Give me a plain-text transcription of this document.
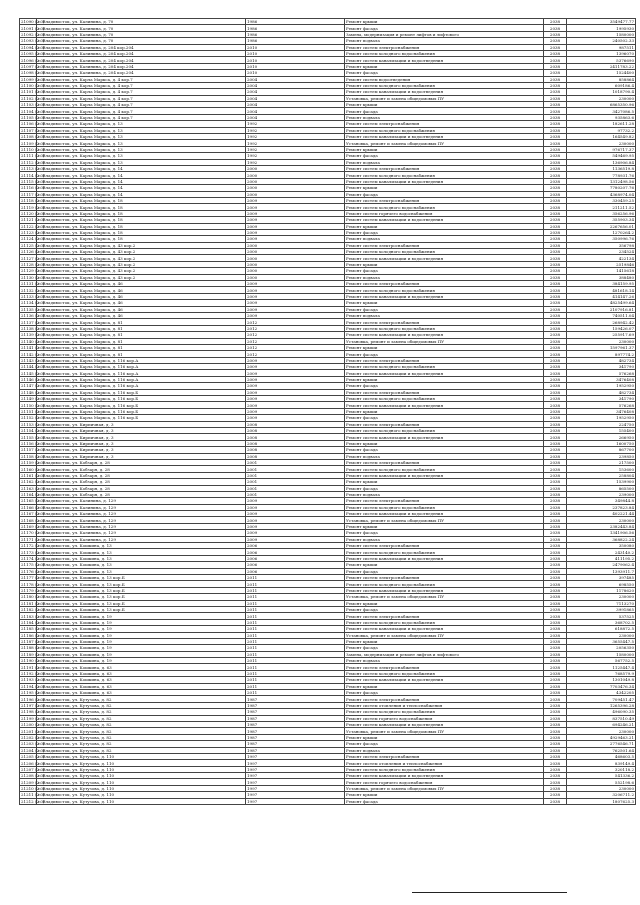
21090 (2.0)	г. Владивосток, ул. Калинина, д. 70	1986	Ремонт крыши	2038	3549477.77
21091 (2.0)	г. Владивосток, ул. Калинина, д. 70	1986	Ремонт фасада	2038	1995930
21092 (2.0)	г. Владивосток, ул. Калинина, д. 70	1986	Замена, модернизация и ремонт лифтов и лифтового	2038	1580000
21093 (2.0)	г. Владивосток, ул. Калинина, д. 70	1986	Ремонт подвала	2038	240502.33
21094 (2.0)	г. Владивосток, ул. Калинина, д. 204 кор.204	2010	Ремонт систем электроснабжения	2038	987511
21095 (2.0)	г. Владивосток, ул. Калинина, д. 204 кор.204	2010	Ремонт систем холодного водоснабжения	2038	1396070
21096 (2.0)	г. Владивосток, ул. Калинина, д. 204 кор.204	2010	Ремонт систем канализации и водоотведения	2038	5376690
21097 (2.0)	г. Владивосток, ул. Калинина, д. 204 кор.204	2010	Ремонт крыши	2038	2411783.22
21098 (2.0)	г. Владивосток, ул. Калинина, д. 204 кор.204	2010	Ремонт фасада	2038	1524400
21099 (2.0)	г. Владивосток, ул. Карла Маркса, д. 4 кор.7	2004	Ремонт систем водоотведения	2038	858864
21100 (2.0)	г. Владивосток, ул. Карла Маркса, д. 4 кор.7	2004	Ремонт систем холодного водоснабжения	2038	609186.4
21101 (2.0)	г. Владивосток, ул. Карла Маркса, д. 4 кор.7	2004	Ремонт систем канализации и водоотведения	2038	1018790.4
21102 (2.0)	г. Владивосток, ул. Карла Маркса, д. 4 кор.7	2004	Установка, ремонт и замена общедомовых ПУ	2038	230000
21103 (2.0)	г. Владивосток, ул. Карла Маркса, д. 4 кор.7	2004	Ремонт крыши	2038	6865350.96
21104 (2.0)	г. Владивосток, ул. Карла Маркса, д. 4 кор.7	2004	Ремонт фасада	2038	3427086.5
21105 (2.0)	г. Владивосток, ул. Карла Маркса, д. 4 кор.7	2004	Ремонт подвала	2038	935863.6
21106 (2.0)	г. Владивосток, ул. Карла Маркса, д. 13	1992	Ремонт систем электроснабжения	2038	182611.28
21107 (2.0)	г. Владивосток, ул. Карла Маркса, д. 13	1992	Ремонт систем холодного водоснабжения	2038	97732.2
21108 (2.0)	г. Владивосток, ул. Карла Маркса, д. 13	1992	Ремонт систем канализации и водоотведения	2038	164549.82
21109 (2.0)	г. Владивосток, ул. Карла Маркса, д. 13	1992	Установка, ремонт и замена общедомовых ПУ	2038	230000
21110 (2.0)	г. Владивосток, ул. Карла Маркса, д. 13	1992	Ремонт крыши	2038	976717.37
21111 (2.0)	г. Владивосток, ул. Карла Маркса, д. 13	1992	Ремонт фасада	2038	549469.95
21112 (2.0)	г. Владивосток, ул. Карла Маркса, д. 13	1992	Ремонт подвала	2038	136906.84
21113 (2.0)	г. Владивосток, ул. Карла Маркса, д. 14	2000	Ремонт систем электроснабжения	2038	1136519.8
21114 (2.0)	г. Владивосток, ул. Карла Маркса, д. 14	2000	Ремонт систем холодного водоснабжения	2038	778931.76
21115 (2.0)	г. Владивосток, ул. Карла Маркса, д. 14	2000	Ремонт систем канализации и водоотведения	2038	1312498.56
21116 (2.0)	г. Владивосток, ул. Карла Маркса, д. 14	2000	Ремонт крыши	2038	7780207.76
21117 (2.0)	г. Владивосток, ул. Карла Маркса, д. 14	2000	Ремонт фасада	2038	4368974.04
21118 (2.0)	г. Владивосток, ул. Карла Маркса, д. 18	2009	Ремонт систем электроснабжения	2038	330459.25
21119 (2.0)	г. Владивосток, ул. Карла Маркса, д. 18	2009	Ремонт систем холодного водоснабжения	2038	211211.52
21120 (2.0)	г. Владивосток, ул. Карла Маркса, д. 18	2009	Ремонт систем горячего водоснабжения	2038	356256.96
21121 (2.0)	г. Владивосток, ул. Карла Маркса, д. 18	2009	Ремонт систем канализации и водоотведения	2038	355903.34
21122 (2.0)	г. Владивосток, ул. Карла Маркса, д. 18	2009	Ремонт крыши	2038	2267656.01
21123 (2.0)	г. Владивосток, ул. Карла Маркса, д. 18	2009	Ремонт фасада	2038	1270264.2
21124 (2.0)	г. Владивосток, ул. Карла Маркса, д. 18	2009	Ремонт подвала	2038	350996.76
21125 (2.0)	г. Владивосток, ул. Карла Маркса, д. 43 кор.2	2000	Ремонт систем электроснабжения	2038	356798
21126 (2.0)	г. Владивосток, ул. Карла Маркса, д. 43 кор.2	2000	Ремонт систем холодного водоснабжения	2038	234524
21127 (2.0)	г. Владивосток, ул. Карла Маркса, д. 43 кор.2	2000	Ремонт систем канализации и водоотведения	2038	422134
21128 (2.0)	г. Владивосток, ул. Карла Маркса, д. 43 кор.2	2000	Ремонт крыши	2038	2519846
21129 (2.0)	г. Владивосток, ул. Карла Маркса, д. 43 кор.2	2000	Ремонт фасада	2038	1415618
21130 (2.0)	г. Владивосток, ул. Карла Маркса, д. 43 кор.2	2000	Ремонт подвала	2038	388480
21131 (2.0)	г. Владивосток, ул. Карла Маркса, д. 46	2009	Ремонт систем электроснабжения	2038	384159.95
21132 (2.0)	г. Владивосток, ул. Карла Маркса, д. 46	2009	Ремонт систем холодного водоснабжения	2038	481618.14
21133 (2.0)	г. Владивосток, ул. Карла Маркса, д. 46	2009	Ремонт систем канализации и водоотведения	2038	414147.26
21134 (2.0)	г. Владивосток, ул. Карла Маркса, д. 46	2009	Ремонт крыши	2038	4825499.64
21135 (2.0)	г. Владивосток, ул. Карла Маркса, д. 46	2009	Ремонт фасада	2038	2107916.81
21136 (2.0)	г. Владивосток, ул. Карла Маркса, д. 46	2009	Ремонт подвала	2038	740511.04
21137 (2.0)	г. Владивосток, ул. Карла Маркса, д. 81	2012	Ремонт систем электроснабжения	2038	268942.42
21138 (2.0)	г. Владивосток, ул. Карла Маркса, д. 81	2012	Ремонт систем холодного водоснабжения	2038	159426.07
21139 (2.0)	г. Владивосток, ул. Карла Маркса, д. 81	2012	Ремонт систем канализации и водоотведения	2038	255917.69
21140 (2.0)	г. Владивосток, ул. Карла Маркса, д. 81	2012	Установка, ремонт и замена общедомовых ПУ	2038	230000
21141 (2.0)	г. Владивосток, ул. Карла Маркса, д. 81	2012	Ремонт крыши	2038	1597961.37
21142 (2.0)	г. Владивосток, ул. Карла Маркса, д. 81	2012	Ремонт фасада	2038	897774.2
21143 (2.0)	г. Владивосток, ул. Карла Маркса, д. 116 кор.А	2009	Ремонт систем электроснабжения	2038	482734
21144 (2.0)	г. Владивосток, ул. Карла Маркса, д. 116 кор.А	2009	Ремонт систем холодного водоснабжения	2038	341790
21145 (2.0)	г. Владивосток, ул. Карла Маркса, д. 116 кор.А	2009	Ремонт систем канализации и водоотведения	2038	576268
21146 (2.0)	г. Владивосток, ул. Карла Маркса, д. 116 кор.А	2009	Ремонт крыши	2038	3476408
21147 (2.0)	г. Владивосток, ул. Карла Маркса, д. 116 кор.А	2009	Ремонт фасада	2038	1952950
21148 (2.0)	г. Владивосток, ул. Карла Маркса, д. 116 кор.Б	2009	Ремонт систем электроснабжения	2038	482734
21149 (2.0)	г. Владивосток, ул. Карла Маркса, д. 116 кор.Б	2009	Ремонт систем холодного водоснабжения	2038	341790
21150 (2.0)	г. Владивосток, ул. Карла Маркса, д. 116 кор.Б	2009	Ремонт систем канализации и водоотведения	2038	576268
21151 (2.0)	г. Владивосток, ул. Карла Маркса, д. 116 кор.Б	2009	Ремонт крыши	2038	3476408
21152 (2.0)	г. Владивосток, ул. Карла Маркса, д. 116 кор.Б	2009	Ремонт фасада	2038	1952950
21153 (2.0)	г. Владивосток, ул. Кирпичная, д. 3	2008	Ремонт систем электроснабжения	2038	224750
21154 (2.0)	г. Владивосток, ул. Кирпичная, д. 3	2008	Ремонт систем холодного водоснабжения	2038	155400
21155 (2.0)	г. Владивосток, ул. Кирпичная, д. 3	2008	Ремонт систем канализации и водоотведения	2038	266950
21156 (2.0)	г. Владивосток, ул. Кирпичная, д. 3	2008	Ремонт крыши	2038	1600750
21157 (2.0)	г. Владивосток, ул. Кирпичная, д. 3	2008	Ремонт фасада	2038	867700
21158 (2.0)	г. Владивосток, ул. Кирпичная, д. 3	2008	Ремонт подвала	2038	239850
21159 (2.0)	г. Владивосток, ул. Кобзаря, д. 28	2001	Ремонт систем электроснабжения	2038	217500
21160 (2.0)	г. Владивосток, ул. Кобзаря, д. 28	2001	Ремонт систем холодного водоснабжения	2038	153600
21161 (2.0)	г. Владивосток, ул. Кобзаря, д. 28	2001	Ремонт систем канализации и водоотведения	2038	258804
21162 (2.0)	г. Владивосток, ул. Кобзаря, д. 28	2001	Ремонт крыши	2038	1539900
21163 (2.0)	г. Владивосток, ул. Кобзаря, д. 28	2001	Ремонт фасада	2038	865500
21164 (2.0)	г. Владивосток, ул. Кобзаря, д. 28	2001	Ремонт подвала	2038	239000
21165 (2.0)	г. Владивосток, ул. Калинина, д. 129	2009	Ремонт систем электроснабжения	2038	349844.8
21166 (2.0)	г. Владивосток, ул. Калинина, д. 129	2009	Ремонт систем холодного водоснабжения	2038	237823.84
21167 (2.0)	г. Владивосток, ул. Калинина, д. 129	2009	Ремонт систем канализации и водоотведения	2038	402221.44
21168 (2.0)	г. Владивосток, ул. Калинина, д. 129	2009	Установка, ремонт и замена общедомовых ПУ	2038	230000
21169 (2.0)	г. Владивосток, ул. Калинина, д. 129	2009	Ремонт крыши	2038	2382443.84
21170 (2.0)	г. Владивосток, ул. Калинина, д. 129	2009	Ремонт фасада	2038	1341906.56
21171 (2.0)	г. Владивосток, ул. Калинина, д. 129	2009	Ремонт подвала	2038	368822.24
21172 (2.0)	г. Владивосток, ул. Кошкина, д. 13	2006	Ремонт систем электроснабжения	2038	350080
21173 (2.0)	г. Владивосток, ул. Кошкина, д. 13	2006	Ремонт систем холодного водоснабжения	2038	243140.2
21174 (2.0)	г. Владивосток, ул. Кошкина, д. 13	2006	Ремонт систем канализации и водоотведения	2038	411195.2
21175 (2.0)	г. Владивосток, ул. Кошкина, д. 13	2006	Ремонт крыши	2038	2479062.4
21176 (2.0)	г. Владивосток, ул. Кошкина, д. 13	2006	Ремонт фасада	2038	1393911.7
21177 (2.0)	г. Владивосток, ул. Кошкина, д. 13 кор.Б	2011	Ремонт систем электроснабжения	2038	397485
21178 (2.0)	г. Владивосток, ул. Кошкина, д. 13 кор.Б	2011	Ремонт систем холодного водоснабжения	2038	698550
21179 (2.0)	г. Владивосток, ул. Кошкина, д. 13 кор.Б	2011	Ремонт систем канализации и водоотведения	2038	1178620
21180 (2.0)	г. Владивосток, ул. Кошкина, д. 13 кор.Б	2011	Установка, ремонт и замена общедомовых ПУ	2038	230000
21181 (2.0)	г. Владивосток, ул. Кошкина, д. 13 кор.Б	2011	Ремонт крыши	2038	7113270
21182 (2.0)	г. Владивосток, ул. Кошкина, д. 13 кор.Б	2011	Ремонт фасада	2038	3991865
21183 (2.0)	г. Владивосток, ул. Кошкина, д. 19	2011	Ремонт систем электроснабжения	2038	537525
21184 (2.0)	г. Владивосток, ул. Кошкина, д. 19	2011	Ремонт систем холодного водоснабжения	2038	368702.5
21185 (2.0)	г. Владивосток, ул. Кошкина, д. 19	2011	Ремонт систем канализации и водоотведения	2038	618872.5
21186 (2.0)	г. Владивосток, ул. Кошкина, д. 19	2011	Установка, ремонт и замена общедомовых ПУ	2038	230000
21187 (2.0)	г. Владивосток, ул. Кошкина, д. 19	2011	Ремонт крыши	2038	3655447.5
21188 (2.0)	г. Владивосток, ул. Кошкина, д. 19	2011	Ремонт фасада	2038	2056350
21189 (2.0)	г. Владивосток, ул. Кошкина, д. 19	2011	Замена, модернизация и ремонт лифтов и лифтового	2038	1580000
21190 (2.0)	г. Владивосток, ул. Кошкина, д. 19	2011	Ремонт подвала	2038	567752.5
21191 (2.0)	г. Владивосток, ул. Кошкина, д. 63	2011	Ремонт систем электроснабжения	2038	1125447.4
21192 (2.0)	г. Владивосток, ул. Кошкина, д. 63	2011	Ремонт систем холодного водоснабжения	2038	768579.9
21193 (2.0)	г. Владивосток, ул. Кошкина, д. 63	2011	Ремонт систем канализации и водоотведения	2038	1301049.8
21194 (2.0)	г. Владивосток, ул. Кошкина, д. 63	2011	Ремонт крыши	2038	7703476.34
21195 (2.0)	г. Владивосток, ул. Кошкина, д. 63	2011	Ремонт фасада	2038	4342205
21196 (2.0)	г. Владивосток, ул. Кутузова, д. 82	1987	Ремонт систем электроснабжения	2038	709451.47
21197 (2.0)	г. Владивосток, ул. Кутузова, д. 82	1987	Ремонт систем отопления и теплоснабжения	2038	1265396.28
21198 (2.0)	г. Владивосток, ул. Кутузова, д. 82	1987	Ремонт систем холодного водоснабжения	2038	496090.35
21199 (2.0)	г. Владивосток, ул. Кутузова, д. 82	1987	Ремонт систем горячего водоснабжения	2038	837510.49
21200 (2.0)	г. Владивосток, ул. Кутузова, д. 82	1987	Ремонт систем канализации и водоотведения	2038	694246.21
21201 (2.0)	г. Владивосток, ул. Кутузова, д. 82	1987	Установка, ремонт и замена общедомовых ПУ	2038	230000
21202 (2.0)	г. Владивосток, ул. Кутузова, д. 82	1987	Ремонт крыши	2038	4929463.21
21203 (2.0)	г. Владивосток, ул. Кутузова, д. 82	1987	Ремонт фасада	2038	2776546.71
21204 (2.0)	г. Владивосток, ул. Кутузова, д. 82	1987	Ремонт подвала	2038	762501.64
21205 (2.0)	г. Владивосток, ул. Кутузова, д. 110	1997	Ремонт систем электроснабжения	2038	468603.5
21206 (2.0)	г. Владивосток, ул. Кутузова, д. 110	1997	Ремонт систем отопления и теплоснабжения	2038	839149.4
21207 (2.0)	г. Владивосток, ул. Кутузова, д. 110	1997	Ремонт систем холодного водоснабжения	2038	320118.2
21208 (2.0)	г. Владивосток, ул. Кутузова, д. 110	1997	Ремонт систем канализации и водоотведения	2038	541336.2
21209 (2.0)	г. Владивосток, ул. Кутузова, д. 110	1997	Ремонт систем горячего водоснабжения	2038	552198.6
21210 (2.0)	г. Владивосток, ул. Кутузова, д. 110	1997	Установка, ремонт и замена общедомовых ПУ	2038	230000
21211 (2.0)	г. Владивосток, ул. Кутузова, д. 110	1997	Ремонт крыши	2038	3206711.2
21212 (2.0)	г. Владивосток, ул. Кутузова, д. 110	1997	Ремонт фасада	2038	1807625.3
